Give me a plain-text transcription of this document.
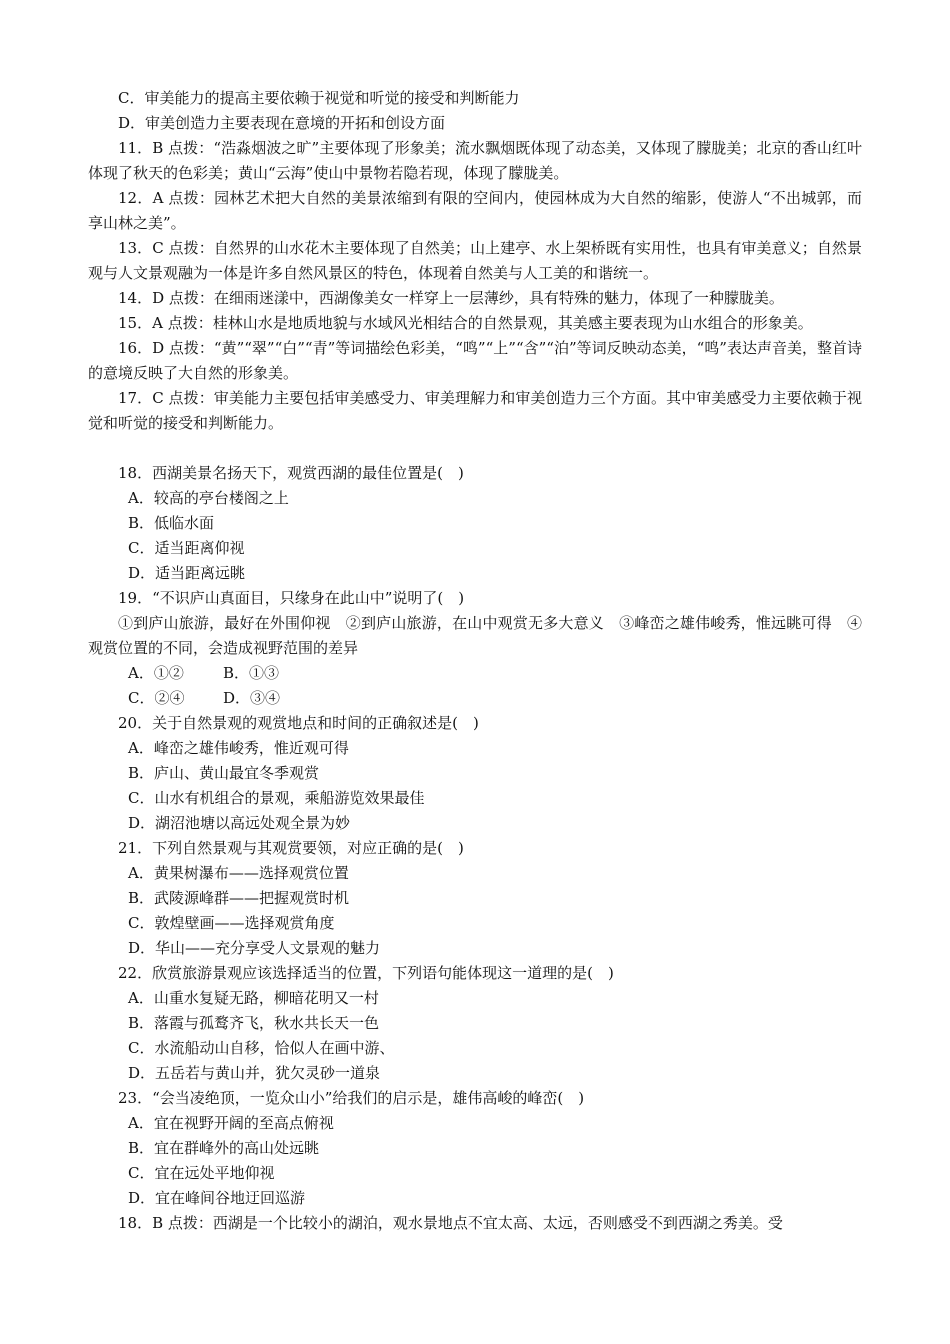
C．审美能力的提高主要依赖于视觉和听觉的接受和判断能力
D．审美创造力主要表现在意境的开拓和创设方面
11．B 点拨：“浩淼烟波之旷”主要体现了形象美；流水飘烟既体现了动态美，又体现了朦胧美；北京的香山红叶体现了秋天的色彩美；黄山“云海”使山中景物若隐若现，体现了朦胧美。
12．A 点拨：园林艺术把大自然的美景浓缩到有限的空间内，使园林成为大自然的缩影，使游人“不出城郭，而享山林之美”。
13．C 点拨：自然界的山水花木主要体现了自然美；山上建亭、水上架桥既有实用性，也具有审美意义；自然景观与人文景观融为一体是许多自然风景区的特色，体现着自然美与人工美的和谐统一。
14．D 点拨：在细雨迷漾中，西湖像美女一样穿上一层薄纱，具有特殊的魅力，体现了一种朦胧美。
15．A 点拨：桂林山水是地质地貌与水域风光相结合的自然景观，其美感主要表现为山水组合的形象美。
16．D 点拨：“黄”“翠”“白”“青”等词描绘色彩美，“鸣”“上”“含”“泊”等词反映动态美，“鸣”表达声音美，整首诗的意境反映了大自然的形象美。
17．C 点拨：审美能力主要包括审美感受力、审美理解力和审美创造力三个方面。其中审美感受力主要依赖于视觉和听觉的接受和判断能力。
18．西湖美景名扬天下，观赏西湖的最佳位置是(　)
A．较高的亭台楼阁之上
B．低临水面
C．适当距离仰视
D．适当距离远眺
19．“不识庐山真面目，只缘身在此山中”说明了(　)
①到庐山旅游，最好在外围仰视　②到庐山旅游，在山中观赏无多大意义　③峰峦之雄伟峻秀，惟远眺可得　④观赏位置的不同，会造成视野范围的差异
A．①②	B．①③
C．②④	D．③④
20．关于自然景观的观赏地点和时间的正确叙述是(　)
A．峰峦之雄伟峻秀，惟近观可得
B．庐山、黄山最宜冬季观赏
C．山水有机组合的景观，乘船游览效果最佳
D．湖沼池塘以高远处观全景为妙
21．下列自然景观与其观赏要领，对应正确的是(　)
A．黄果树瀑布——选择观赏位置
B．武陵源峰群——把握观赏时机
C．敦煌壁画——选择观赏角度
D．华山——充分享受人文景观的魅力
22．欣赏旅游景观应该选择适当的位置，下列语句能体现这一道理的是(　)
A．山重水复疑无路，柳暗花明又一村
B．落霞与孤鹜齐飞，秋水共长天一色
C．水流船动山自移，恰似人在画中游、
D．五岳若与黄山并，犹欠灵砂一道泉
23．“会当凌绝顶，一览众山小”给我们的启示是，雄伟高峻的峰峦(　)
A．宜在视野开阔的至高点俯视
B．宜在群峰外的高山处远眺
C．宜在远处平地仰视
D．宜在峰间谷地迂回巡游
18．B 点拨：西湖是一个比较小的湖泊，观水景地点不宜太高、太远，否则感受不到西湖之秀美。受
